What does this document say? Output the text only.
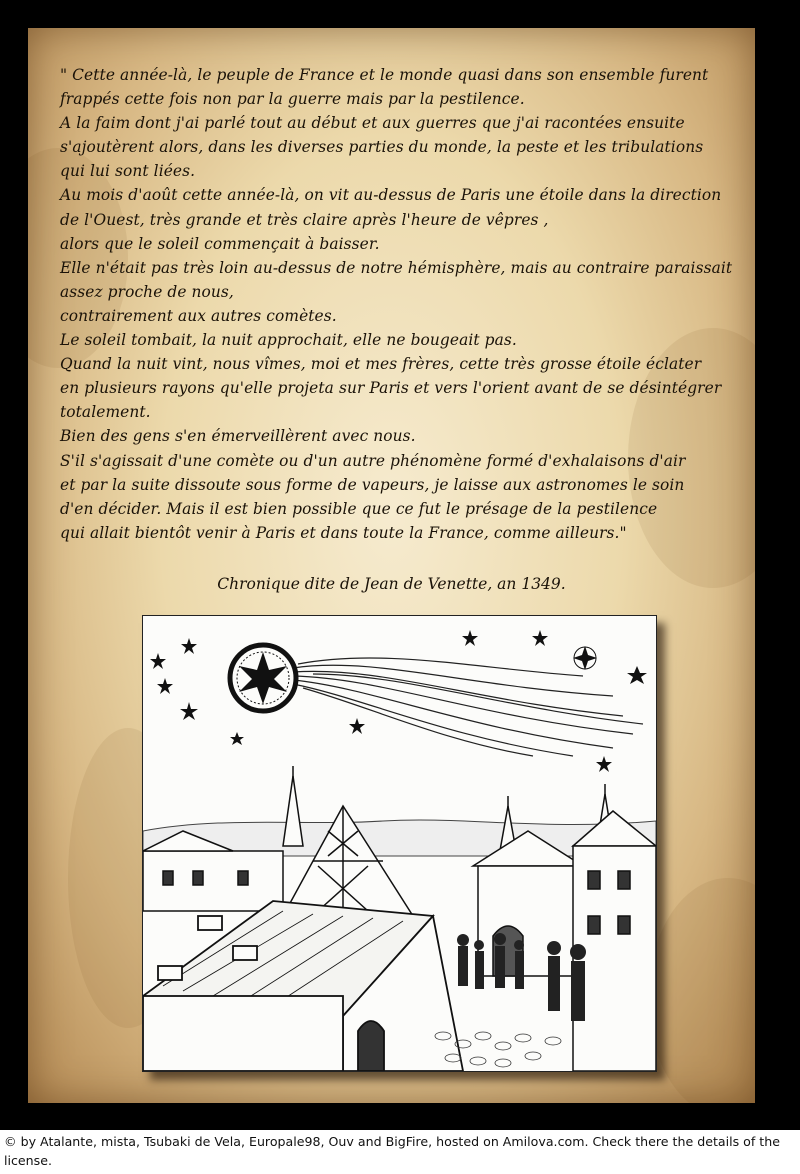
" Cette année-là, le peuple de France et le monde quasi dans son ensemble furent
frappés cette fois non par la guerre mais par la pestilence.
A la faim dont j'ai parlé tout au début et aux guerres que j'ai racontées ensuite
s'ajoutèrent alors, dans les diverses parties du monde, la peste et les tribulations
qui lui sont liées.
Au mois d'août cette année-là, on vit au-dessus de Paris une étoile dans la direction
de l'Ouest, très grande et très claire après l'heure de vêpres ,
alors que le soleil commençait à baisser.
Elle n'était pas très loin au-dessus de notre hémisphère, mais au contraire paraissait
assez proche de nous,
contrairement aux autres comètes.
Le soleil tombait, la nuit approchait, elle ne bougeait pas.
Quand la nuit vint, nous vîmes, moi et mes frères, cette très grosse étoile éclater
en plusieurs rayons qu'elle projeta sur Paris et vers l'orient avant de se désintégrer
totalement.
Bien des gens s'en émerveillèrent avec nous.
S'il s'agissait d'une comète ou d'un autre phénomène formé d'exhalaisons d'air
et par la suite dissoute sous forme de vapeurs, je laisse aux astronomes le soin
d'en décider. Mais il est bien possible que ce fut le présage de la pestilence
qui allait bientôt venir à Paris et dans toute la France, comme ailleurs."
Chronique dite de Jean de Venette, an 1349.
© by Atalante, mista, Tsubaki de Vela, Europale98, Ouv and BigFire, hosted on Amilova.com. Check there the details of the license.
